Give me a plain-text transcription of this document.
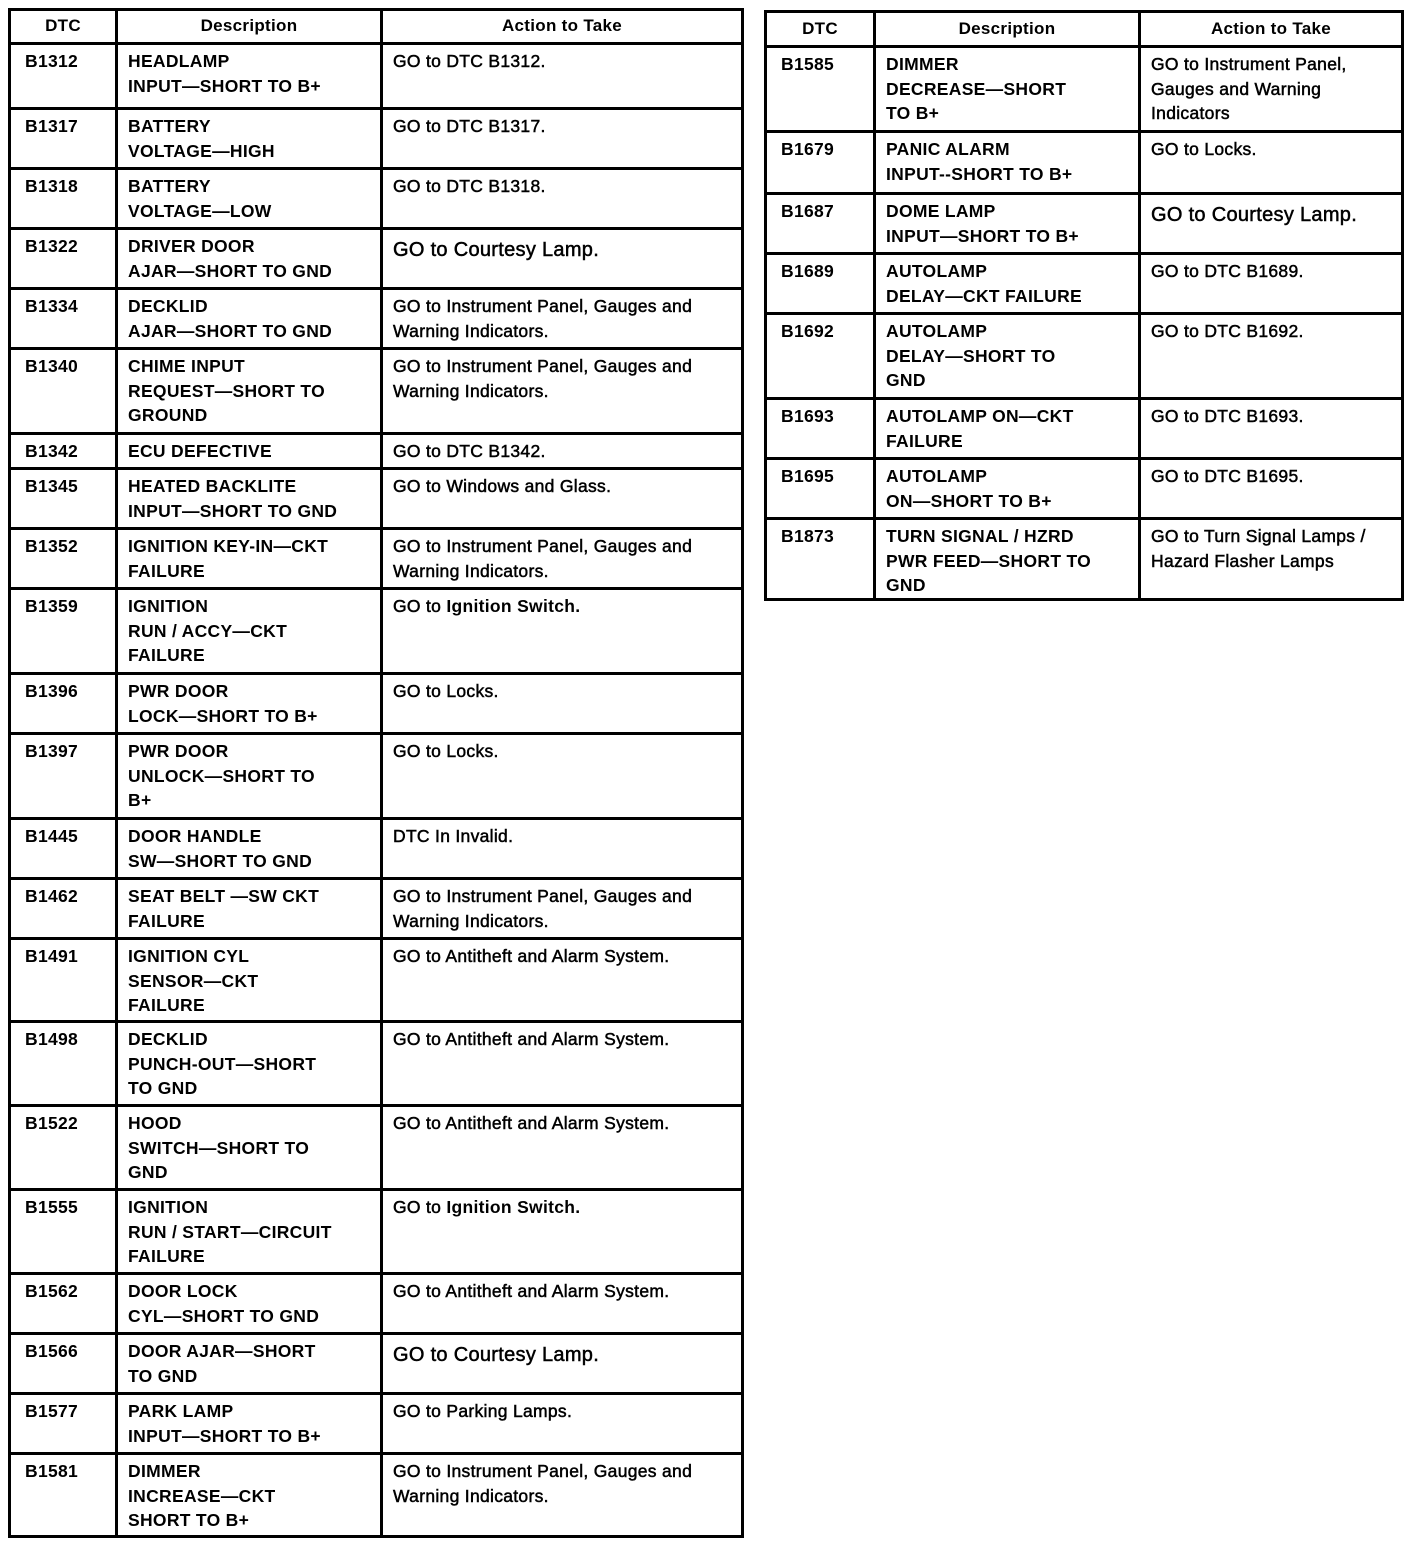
DTC	Description	Action to Take
B1312	HEADLAMP
INPUT—SHORT TO B+	GO to DTC B1312.
B1317	BATTERY
VOLTAGE—HIGH	GO to DTC B1317.
B1318	BATTERY
VOLTAGE—LOW	GO to DTC B1318.
B1322	DRIVER DOOR
AJAR—SHORT TO GND	GO to Courtesy Lamp.
B1334	DECKLID
AJAR—SHORT TO GND	GO to Instrument Panel, Gauges and Warning Indicators.
B1340	CHIME INPUT
REQUEST—SHORT TO
GROUND	GO to Instrument Panel, Gauges and Warning Indicators.
B1342	ECU DEFECTIVE	GO to DTC B1342.
B1345	HEATED BACKLITE
INPUT—SHORT TO GND	GO to Windows and Glass.
B1352	IGNITION KEY-IN—CKT
FAILURE	GO to Instrument Panel, Gauges and Warning Indicators.
B1359	IGNITION
RUN / ACCY—CKT
FAILURE	GO to Ignition Switch.
B1396	PWR DOOR
LOCK—SHORT TO B+	GO to Locks.
B1397	PWR DOOR
UNLOCK—SHORT TO
B+	GO to Locks.
B1445	DOOR HANDLE
SW—SHORT TO GND	DTC In Invalid.
B1462	SEAT BELT —SW CKT
FAILURE	GO to Instrument Panel, Gauges and Warning Indicators.
B1491	IGNITION CYL
SENSOR—CKT
FAILURE	GO to Antitheft and Alarm System.
B1498	DECKLID
PUNCH-OUT—SHORT
TO GND	GO to Antitheft and Alarm System.
B1522	HOOD
SWITCH—SHORT TO
GND	GO to Antitheft and Alarm System.
B1555	IGNITION
RUN / START—CIRCUIT
FAILURE	GO to Ignition Switch.
B1562	DOOR LOCK
CYL—SHORT TO GND	GO to Antitheft and Alarm System.
B1566	DOOR AJAR—SHORT
TO GND	GO to Courtesy Lamp.
B1577	PARK LAMP
INPUT—SHORT TO B+	GO to Parking Lamps.
B1581	DIMMER
INCREASE—CKT
SHORT TO B+	GO to Instrument Panel, Gauges and Warning Indicators.
DTC	Description	Action to Take
B1585	DIMMER
DECREASE—SHORT
TO B+	GO to Instrument Panel, Gauges and Warning Indicators
B1679	PANIC ALARM
INPUT--SHORT TO B+	GO to Locks.
B1687	DOME LAMP
INPUT—SHORT TO B+	GO to Courtesy Lamp.
B1689	AUTOLAMP
DELAY—CKT FAILURE	GO to DTC B1689.
B1692	AUTOLAMP
DELAY—SHORT TO
GND	GO to DTC B1692.
B1693	AUTOLAMP ON—CKT
FAILURE	GO to DTC B1693.
B1695	AUTOLAMP
ON—SHORT TO B+	GO to DTC B1695.
B1873	TURN SIGNAL / HZRD
PWR FEED—SHORT TO
GND	GO to Turn Signal Lamps / Hazard Flasher Lamps
